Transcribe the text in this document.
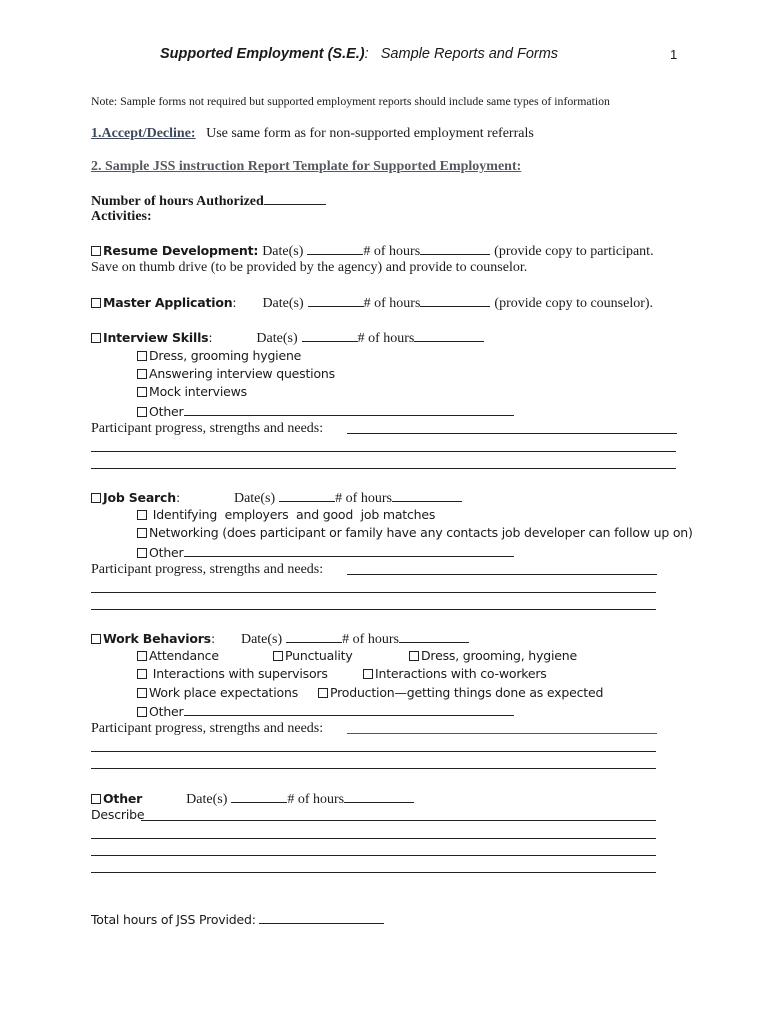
Supported Employment (S.E.): Sample Reports and Forms	1
Note: Sample forms not required but supported employment reports should include same types of information
1.Accept/Decline: Use same form as for non-supported employment referrals
2. Sample JSS instruction Report Template for Supported Employment:
Number of hours Authorized
Activities:
Resume Development: Date(s)	# of hours	(provide copy to participant.
Save on thumb drive (to be provided by the agency) and provide to counselor.
Master Application: Date(s)	# of hours	(provide copy to counselor).
Interview Skills:	Date(s)	# of hours
Dress, grooming hygiene
Answering interview questions
Mock interviews
Other
Participant progress, strengths and needs:
Job Search:	Date(s)	# of hours
Identifying  employers  and good  job matches
Networking (does participant or family have any contacts job developer can follow up on)
Other
Participant progress, strengths and needs:
Work Behaviors: Date(s)	# of hours
Attendance	Punctuality	Dress, grooming, hygiene
Interactions with supervisors	Interactions with co-workers
Work place expectations	Production—getting things done as expected
Other
Participant progress, strengths and needs:
Other	Date(s)	# of hours
Describe
Total hours of JSS Provided:
